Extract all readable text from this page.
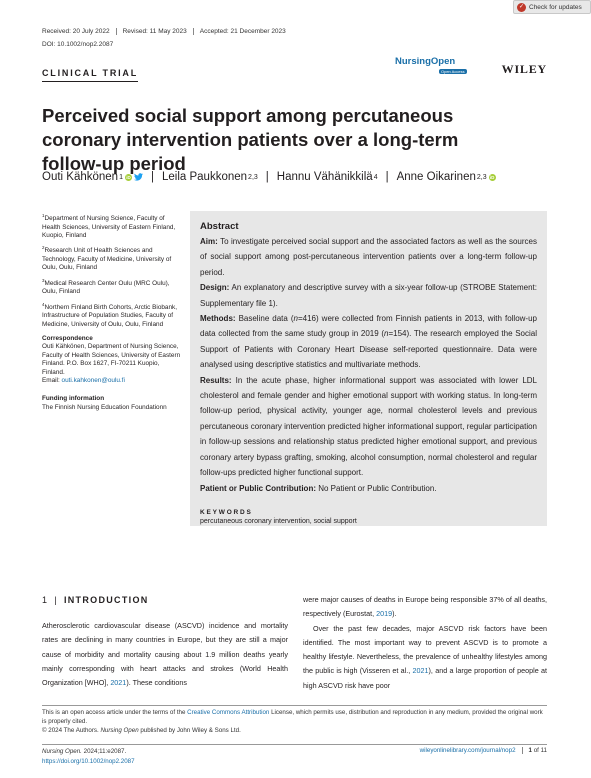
✓ Check for updates
Received: 20 July 2022	Revised: 11 May 2023	Accepted: 21 December 2023
DOI: 10.1002/nop2.2087
CLINICAL TRIAL
NursingOpen
Open Access	WILEY
Perceived social support among percutaneous coronary intervention patients over a long-term follow-up period
Outi Kähkönen 1 iD | Leila Paukkonen 2,3 | Hannu Vähänikkilä 4 | Anne Oikarinen 2,3 iD
$^1$Department of Nursing Science, Faculty of Health Sciences, University of Eastern Finland, Kuopio, Finland
$^2$Research Unit of Health Sciences and Technology, Faculty of Medicine, University of Oulu, Oulu, Finland
$^3$Medical Research Center Oulu (MRC Oulu), Oulu, Finland
$^4$Northern Finland Birth Cohorts, Arctic Biobank, Infrastructure of Population Studies, Faculty of Medicine, University of Oulu, Oulu, Finland
Correspondence
Outi Kähkönen, Department of Nursing Science, Faculty of Health Sciences, University of Eastern Finland. P.O. Box 1627, FI-70211 Kuopio, Finland.
Email: outi.kahkonen@oulu.fi
Funding information
The Finnish Nursing Education Foundationn
Abstract

Aim: To investigate perceived social support and the associated factors as well as the sources of social support among post-percutaneous intervention patients over a long-term follow-up period.

Design: An explanatory and descriptive survey with a six-year follow-up (STROBE Statement: Supplementary file 1).

Methods: Baseline data (n=416) were collected from Finnish patients in 2013, with follow-up data collected from the same study group in 2019 (n=154). The research employed the Social Support of Patients with Coronary Heart Disease self-reported questionnaire. Data were analysed using descriptive statistics and multivariate methods.

Results: In the acute phase, higher informational support was associated with lower LDL cholesterol and female gender and higher emotional support with working status. In long-term follow-up period, physical activity, younger age, normal cholesterol levels and previous percutaneous coronary intervention predicted higher informational support, regular participation in follow-up sessions and relationship status predicted higher emotional support, and previous coronary artery bypass grafting, smoking, alcohol consumption, normal cholesterol and regular follow-ups predicted higher functional support.

Patient or Public Contribution: No Patient or Public Contribution.

KEYWORDS
percutaneous coronary intervention, social support
1 | INTRODUCTION
Atherosclerotic cardiovascular disease (ASCVD) incidence and mortality rates are declining in many countries in Europe, but they are still a major cause of morbidity and mortality causing about 1.9 million deaths yearly mainly corresponding with heart attacks and strokes (World Health Organization [WHO], 2021). These conditions

were major causes of deaths in Europe being responsible 37% of all deaths, respectively (Eurostat, 2019).

Over the past few decades, major ASCVD risk factors have been identified. The most important way to prevent ASCVD is to promote a healthy lifestyle. Nevertheless, the prevalence of unhealthy lifestyles among the public is high (Visseren et al., 2021), and a large proportion of people at high ASCVD risk have poor

This is an open access article under the terms of the Creative Commons Attribution License, which permits use, distribution and reproduction in any medium, provided the original work is properly cited.
© 2024 The Authors. Nursing Open published by John Wiley & Sons Ltd.
Nursing Open. 2024;11:e2087.
https://doi.org/10.1002/nop2.2087
wileyonlinelibrary.com/journal/nop2	1 of 11
